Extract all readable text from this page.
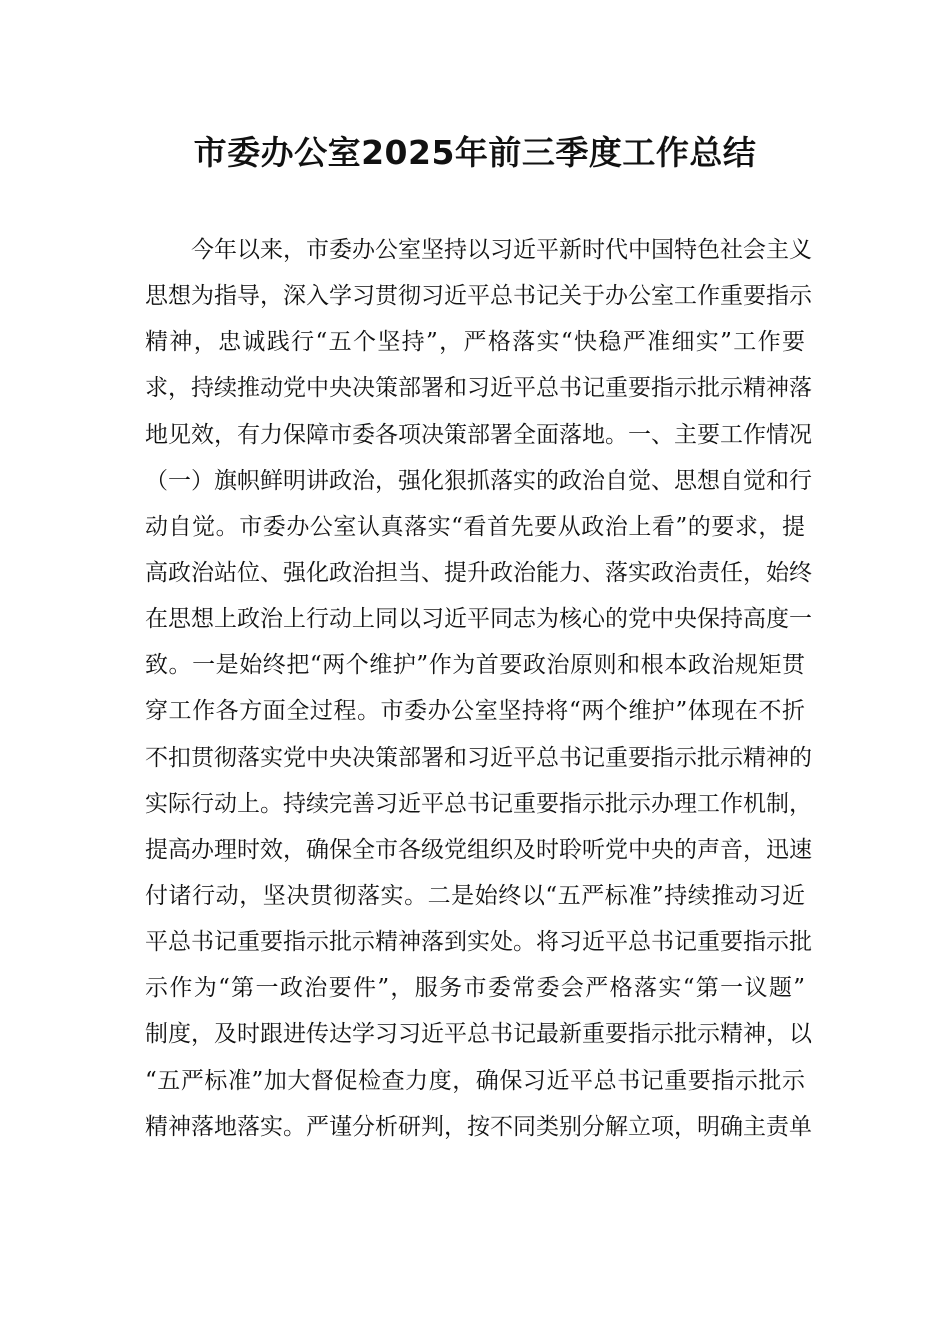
市委办公室2025年前三季度工作总结
今年以来，市委办公室坚持以习近平新时代中国特色社会主义
思想为指导，深入学习贯彻习近平总书记关于办公室工作重要指示
精神，忠诚践行“五个坚持”，严格落实“快稳严准细实”工作要
求，持续推动党中央决策部署和习近平总书记重要指示批示精神落
地见效，有力保障市委各项决策部署全面落地。一、主要工作情况
（一）旗帜鲜明讲政治，强化狠抓落实的政治自觉、思想自觉和行
动自觉。市委办公室认真落实“看首先要从政治上看”的要求，提
高政治站位、强化政治担当、提升政治能力、落实政治责任，始终
在思想上政治上行动上同以习近平同志为核心的党中央保持高度一
致。一是始终把“两个维护”作为首要政治原则和根本政治规矩贯
穿工作各方面全过程。市委办公室坚持将“两个维护”体现在不折
不扣贯彻落实党中央决策部署和习近平总书记重要指示批示精神的
实际行动上。持续完善习近平总书记重要指示批示办理工作机制，
提高办理时效，确保全市各级党组织及时聆听党中央的声音，迅速
付诸行动，坚决贯彻落实。二是始终以“五严标准”持续推动习近
平总书记重要指示批示精神落到实处。将习近平总书记重要指示批
示作为“第一政治要件”，服务市委常委会严格落实“第一议题”
制度，及时跟进传达学习习近平总书记最新重要指示批示精神，以
“五严标准”加大督促检查力度，确保习近平总书记重要指示批示
精神落地落实。严谨分析研判，按不同类别分解立项，明确主责单
